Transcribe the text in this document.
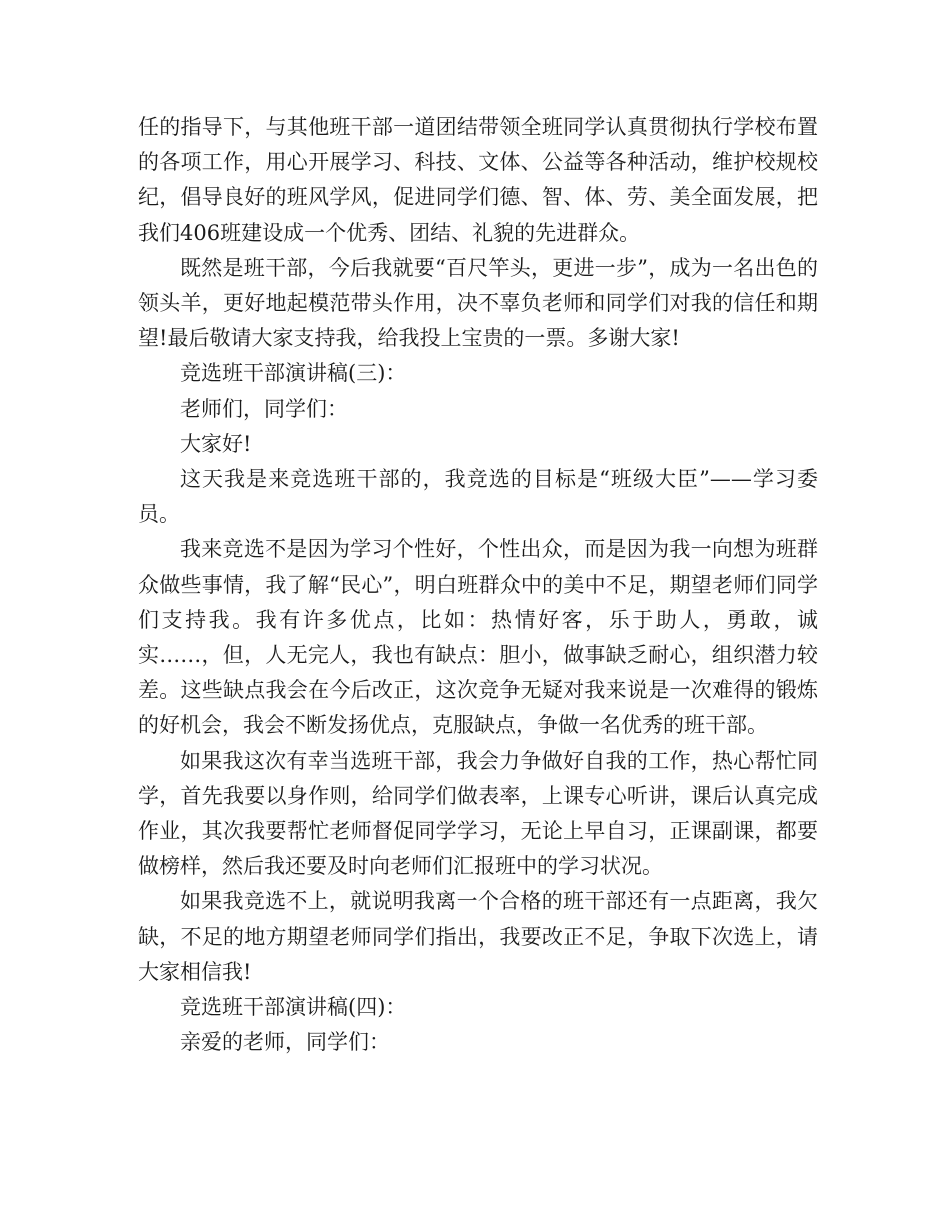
任的指导下，与其他班干部一道团结带领全班同学认真贯彻执行学校布置的各项工作，用心开展学习、科技、文体、公益等各种活动，维护校规校纪，倡导良好的班风学风，促进同学们德、智、体、劳、美全面发展，把我们406班建设成一个优秀、团结、礼貌的先进群众。

既然是班干部，今后我就要“百尺竿头，更进一步”，成为一名出色的领头羊，更好地起模范带头作用，决不辜负老师和同学们对我的信任和期望!最后敬请大家支持我，给我投上宝贵的一票。多谢大家!

竞选班干部演讲稿(三)：

老师们，同学们：

大家好!

这天我是来竞选班干部的，我竞选的目标是“班级大臣”——学习委员。

我来竞选不是因为学习个性好，个性出众，而是因为我一向想为班群众做些事情，我了解“民心”，明白班群众中的美中不足，期望老师们同学们支持我。我有许多优点，比如：热情好客，乐于助人，勇敢，诚实……，但，人无完人，我也有缺点：胆小，做事缺乏耐心，组织潜力较差。这些缺点我会在今后改正，这次竞争无疑对我来说是一次难得的锻炼的好机会，我会不断发扬优点，克服缺点，争做一名优秀的班干部。

如果我这次有幸当选班干部，我会力争做好自我的工作，热心帮忙同学，首先我要以身作则，给同学们做表率，上课专心听讲，课后认真完成作业，其次我要帮忙老师督促同学学习，无论上早自习，正课副课，都要做榜样，然后我还要及时向老师们汇报班中的学习状况。

如果我竞选不上，就说明我离一个合格的班干部还有一点距离，我欠缺，不足的地方期望老师同学们指出，我要改正不足，争取下次选上，请大家相信我!

竞选班干部演讲稿(四)：

亲爱的老师，同学们：
